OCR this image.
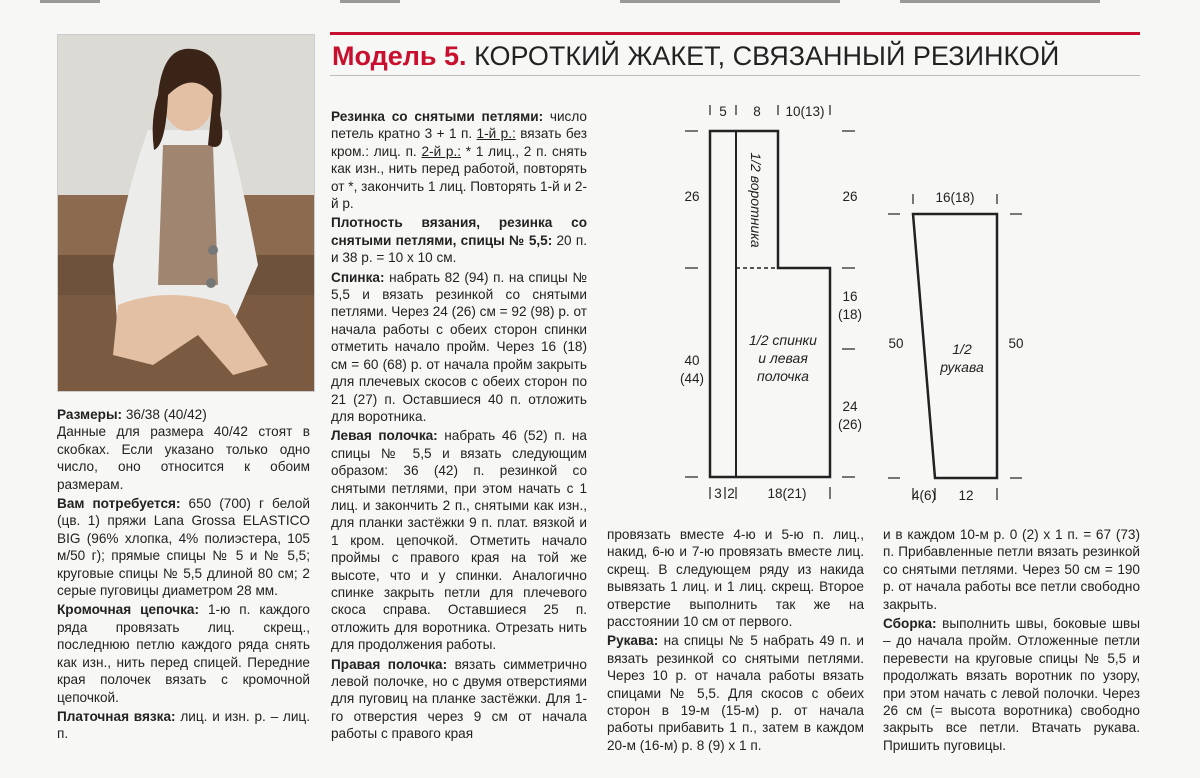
Модель 5. КОРОТКИЙ ЖАКЕТ, СВЯЗАННЫЙ РЕЗИНКОЙ

Размеры: 36/38 (40/42)

Данные для размера 40/42 стоят в скобках. Если указано только одно число, оно относится к обоим размерам.

Вам потребуется: 650 (700) г белой (цв. 1) пряжи Lana Grossa ELASTICO BIG (96% хлопка, 4% полиэстера, 105 м/50 г); прямые спицы № 5 и № 5,5; круговые спицы № 5,5 длиной 80 см; 2 серые пуговицы диаметром 28 мм.

Кромочная цепочка: 1-ю п. каждого ряда провязать лиц. скрещ., последнюю петлю каждого ряда снять как изн., нить перед спицей. Передние края полочек вязать с кромочной цепочкой.

Платочная вязка: лиц. и изн. р. – лиц. п.

Резинка со снятыми петлями: число петель кратно 3 + 1 п. 1-й р.: вязать без кром.: лиц. п. 2-й р.: * 1 лиц., 2 п. снять как изн., нить перед работой, повторять от *, закончить 1 лиц. Повторять 1-й и 2-й р.

Плотность вязания, резинка со снятыми петлями, спицы № 5,5: 20 п. и 38 р. = 10 х 10 см.

Спинка: набрать 82 (94) п. на спицы № 5,5 и вязать резинкой со снятыми петлями. Через 24 (26) см = 92 (98) р. от начала работы с обеих сторон спинки отметить начало пройм. Через 16 (18) см = 60 (68) р. от начала пройм закрыть для плечевых скосов с обеих сторон по 21 (27) п. Оставшиеся 40 п. отложить для воротника.

Левая полочка: набрать 46 (52) п. на спицы № 5,5 и вязать следующим образом: 36 (42) п. резинкой со снятыми петлями, при этом начать с 1 лиц. и закончить 2 п., снятыми как изн., для планки застёжки 9 п. плат. вязкой и 1 кром. цепочкой. Отметить начало проймы с правого края на той же высоте, что и у спинки. Аналогично спинке закрыть петли для плечевого скоса справа. Оставшиеся 25 п. отложить для воротника. Отрезать нить для продолжения работы.

Правая полочка: вязать симметрично левой полочке, но с двумя отверстиями для пуговиц на планке застёжки. Для 1-го отверстия через 9 см от начала работы с правого края

провязать вместе 4-ю и 5-ю п. лиц., накид, 6-ю и 7-ю провязать вместе лиц. скрещ. В следующем ряду из накида вывязать 1 лиц. и 1 лиц. скрещ. Второе отверстие выполнить так же на расстоянии 10 см от первого.

Рукава: на спицы № 5 набрать 49 п. и вязать резинкой со снятыми петлями. Через 10 р. от начала работы вязать спицами № 5,5. Для скосов с обеих сторон в 19-м (15-м) р. от начала работы прибавить 1 п., затем в каждом 20-м (16-м) р. 8 (9) х 1 п.

и в каждом 10-м р. 0 (2) х 1 п. = 67 (73) п. Прибавленные петли вязать резинкой со снятыми петлями. Через 50 см = 190 р. от начала работы все петли свободно закрыть.

Сборка: выполнить швы, боковые швы – до начала пройм. Отложенные петли перевести на круговые спицы № 5,5 и продолжать вязать воротник по узору, при этом начать с левой полочки. Через 26 см (= высота воротника) свободно закрыть все петли. Втачать рукава. Пришить пуговицы.

5 8 10(13)
26
40
(44)
26
16
(18)
24
(26)
1/2 воротника
1/2 спинки
и левая
полочка
3 2 18(21)
16(18)
50	50
1/2
рукава
4(6) 12
